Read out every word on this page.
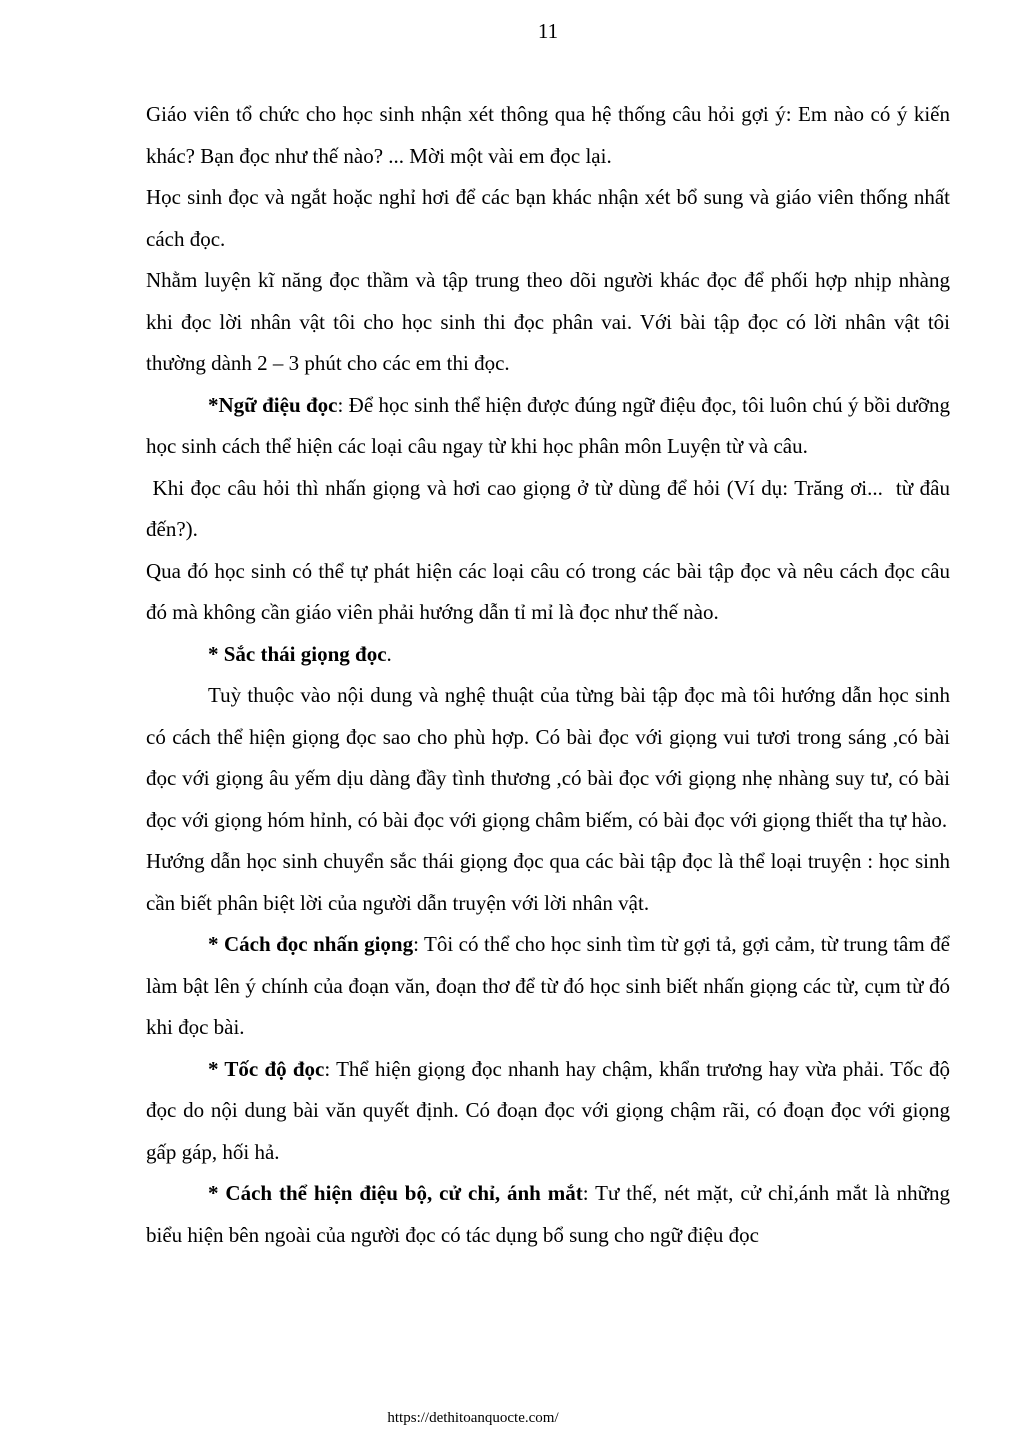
11

Giáo viên tổ chức cho học sinh nhận xét thông qua hệ thống câu hỏi gợi ý: Em nào có ý kiến khác? Bạn đọc như thế nào? ... Mời một vài em đọc lại.

Học sinh đọc và ngắt hoặc nghỉ hơi để các bạn khác nhận xét bổ sung và giáo viên thống nhất cách đọc.

Nhằm luyện kĩ năng đọc thầm và tập trung theo dõi người khác đọc để phối hợp nhịp nhàng khi đọc lời nhân vật tôi cho học sinh thi đọc phân vai. Với bài tập đọc có lời nhân vật tôi thường dành 2 – 3 phút cho các em thi đọc.

*Ngữ điệu đọc: Để học sinh thể hiện được đúng ngữ điệu đọc, tôi luôn chú ý bồi dưỡng học sinh cách thể hiện các loại câu ngay từ khi học phân môn Luyện từ và câu.

Khi đọc câu hỏi thì nhấn giọng và hơi cao giọng ở từ dùng để hỏi (Ví dụ: Trăng ơi...  từ đâu đến?).

Qua đó học sinh có thể tự phát hiện các loại câu có trong các bài tập đọc và nêu cách đọc câu đó mà không cần giáo viên phải hướng dẫn tỉ mỉ là đọc như thế nào.

* Sắc thái giọng đọc.

Tuỳ thuộc vào nội dung và nghệ thuật của từng bài tập đọc mà tôi hướng dẫn học sinh có cách thể hiện giọng đọc sao cho phù hợp. Có bài đọc với giọng vui tươi trong sáng ,có bài đọc với giọng âu yếm dịu dàng đầy tình thương ,có bài đọc với giọng nhẹ nhàng suy tư, có bài đọc với giọng hóm hỉnh, có bài đọc với giọng châm biếm, có bài đọc với giọng thiết tha tự hào.

Hướng dẫn học sinh chuyển sắc thái giọng đọc qua các bài tập đọc là thể loại truyện : học sinh cần biết phân biệt lời của người dẫn truyện với lời nhân vật.

* Cách đọc nhấn giọng: Tôi có thể cho học sinh tìm từ gợi tả, gợi cảm, từ trung tâm để làm bật lên ý chính của đoạn văn, đoạn thơ để từ đó học sinh biết nhấn giọng các từ, cụm từ đó khi đọc bài.

* Tốc độ đọc: Thể hiện giọng đọc nhanh hay chậm, khẩn trương hay vừa phải. Tốc độ đọc do nội dung bài văn quyết định. Có đoạn đọc với giọng chậm rãi, có đoạn đọc với giọng gấp gáp, hối hả.

* Cách thể hiện điệu bộ, cử chỉ, ánh mắt: Tư thế, nét mặt, cử chỉ,ánh mắt là những biểu hiện bên ngoài của người đọc có tác dụng bổ sung cho ngữ điệu đọc

https://dethitoanquocte.com/
